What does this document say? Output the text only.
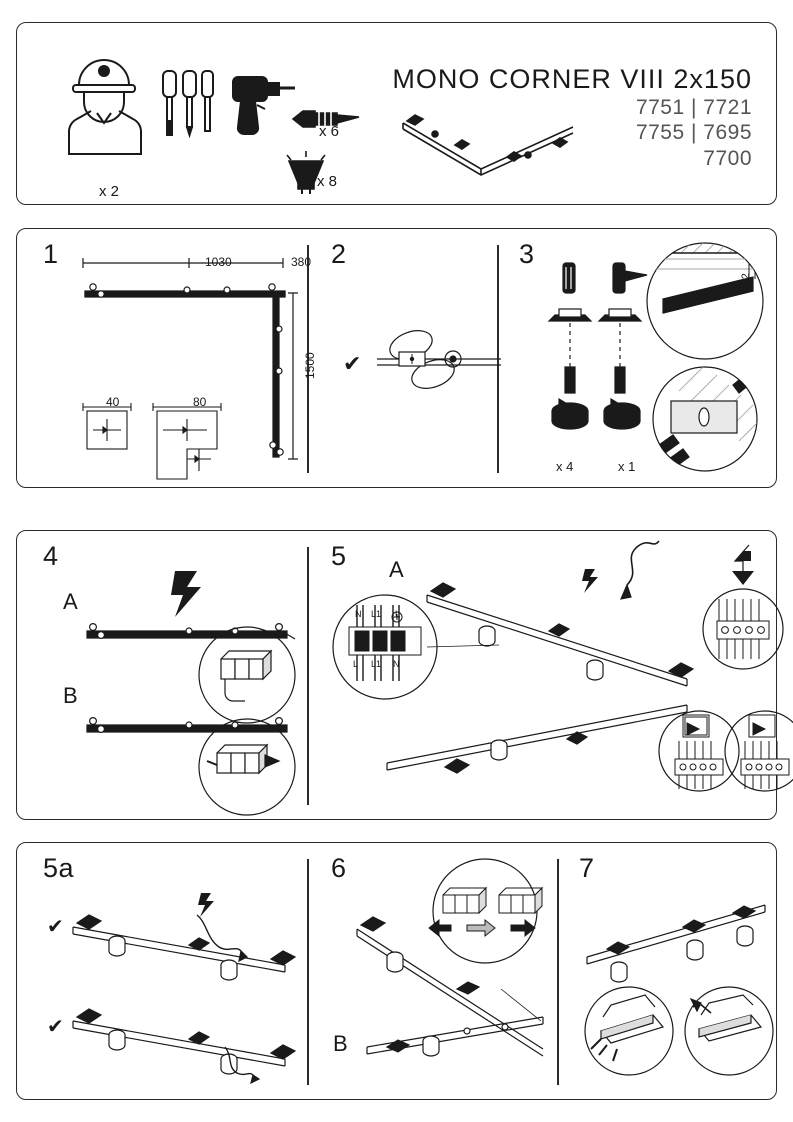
x 2
x 6
x 8
MONO CORNER VIII 2x150
7751 | 7721
7755 | 7695
7700
1	1030	380
1500
40	80
2
✔
3
1-2
x 4	x 1
4
A
B
5 A
L L1 N
N L1 L
5a
✔
✔
6
B
7
